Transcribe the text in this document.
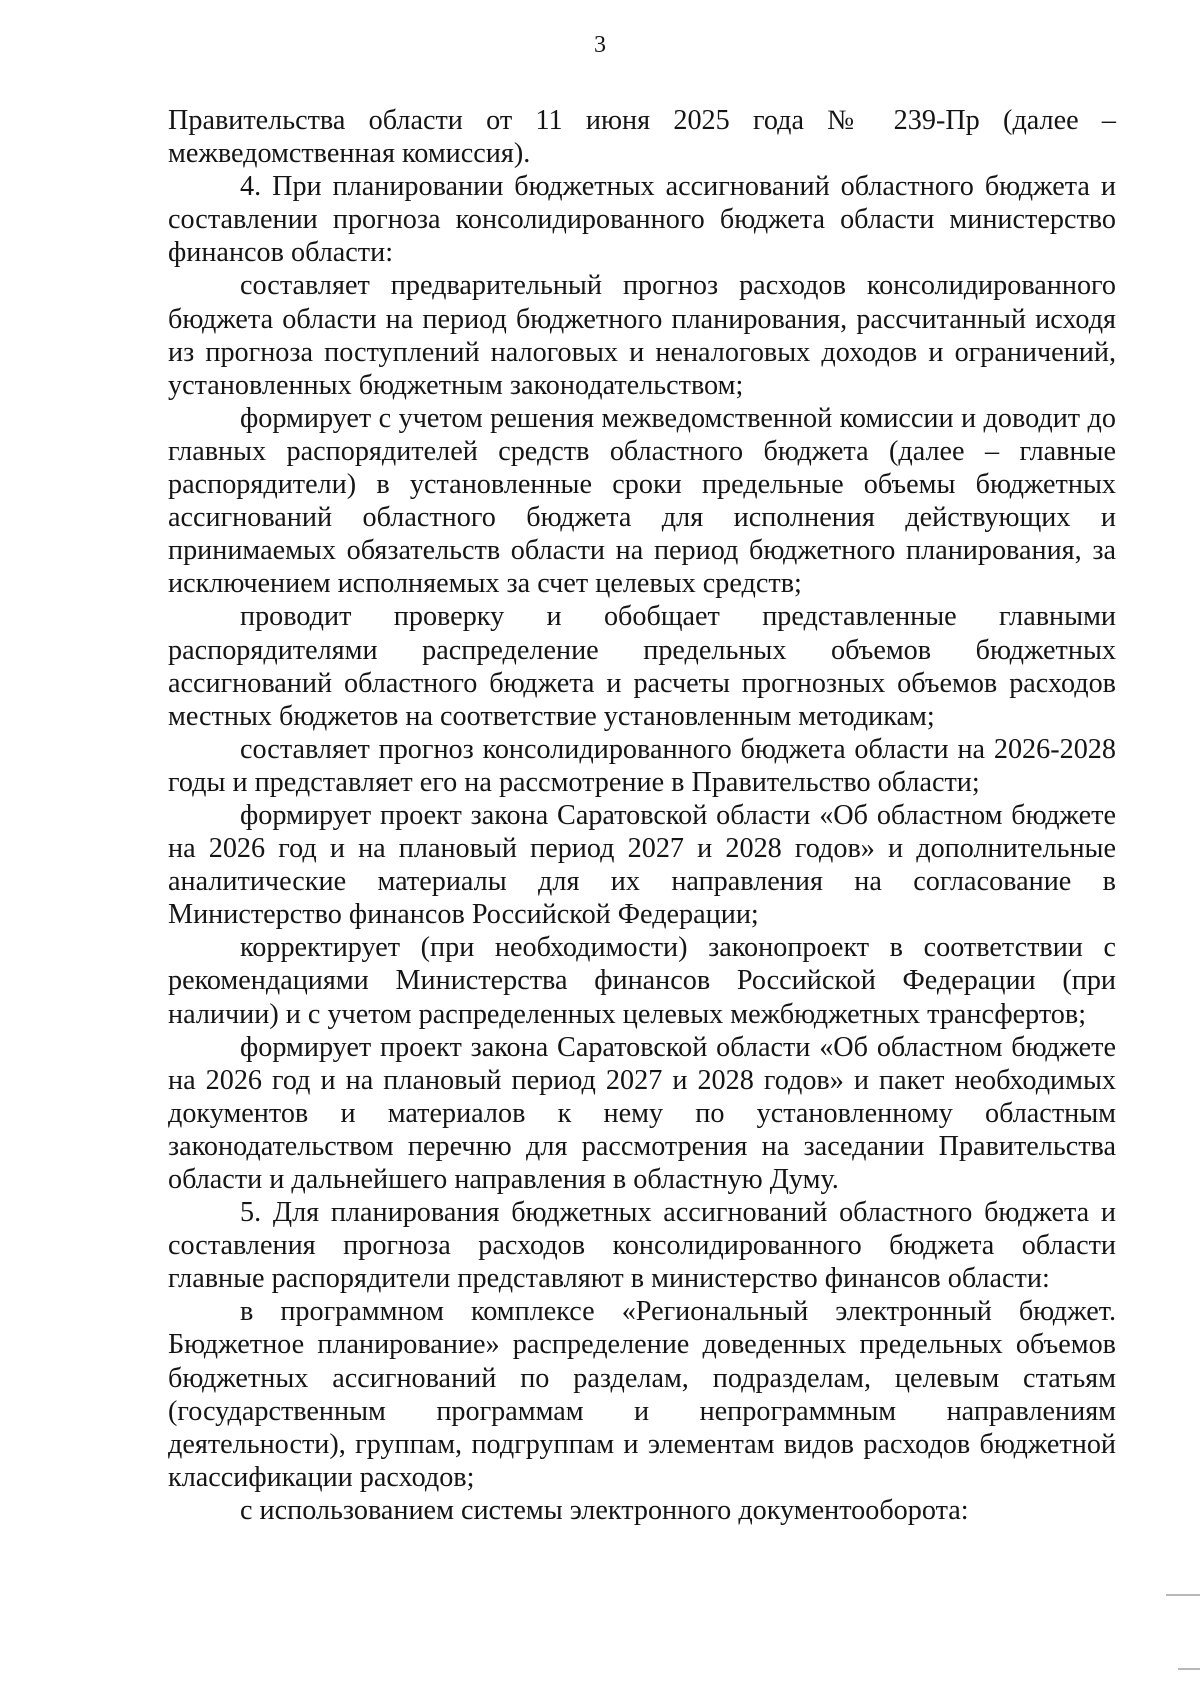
3

Правительства области от 11 июня 2025 года № 239-Пр (далее – межведомственная комиссия).

4. При планировании бюджетных ассигнований областного бюджета и составлении прогноза консолидированного бюджета области министерство финансов области:

составляет предварительный прогноз расходов консолидированного бюджета области на период бюджетного планирования, рассчитанный исходя из прогноза поступлений налоговых и неналоговых доходов и ограничений, установленных бюджетным законодательством;

формирует с учетом решения межведомственной комиссии и доводит до главных распорядителей средств областного бюджета (далее – главные распорядители) в установленные сроки предельные объемы бюджетных ассигнований областного бюджета для исполнения действующих и принимаемых обязательств области на период бюджетного планирования, за исключением исполняемых за счет целевых средств;

проводит проверку и обобщает представленные главными распорядителями распределение предельных объемов бюджетных ассигнований областного бюджета и расчеты прогнозных объемов расходов местных бюджетов на соответствие установленным методикам;

составляет прогноз консолидированного бюджета области на 2026-2028 годы и представляет его на рассмотрение в Правительство области;

формирует проект закона Саратовской области «Об областном бюджете на 2026 год и на плановый период 2027 и 2028 годов» и дополнительные аналитические материалы для их направления на согласование в Министерство финансов Российской Федерации;

корректирует (при необходимости) законопроект в соответствии с рекомендациями Министерства финансов Российской Федерации (при наличии) и с учетом распределенных целевых межбюджетных трансфертов;

формирует проект закона Саратовской области «Об областном бюджете на 2026 год и на плановый период 2027 и 2028 годов» и пакет необходимых документов и материалов к нему по установленному областным законодательством перечню для рассмотрения на заседании Правительства области и дальнейшего направления в областную Думу.

5. Для планирования бюджетных ассигнований областного бюджета и составления прогноза расходов консолидированного бюджета области главные распорядители представляют в министерство финансов области:

в программном комплексе «Региональный электронный бюджет. Бюджетное планирование» распределение доведенных предельных объемов бюджетных ассигнований по разделам, подразделам, целевым статьям (государственным программам и непрограммным направлениям деятельности), группам, подгруппам и элементам видов расходов бюджетной классификации расходов;

с использованием системы электронного документооборота:
